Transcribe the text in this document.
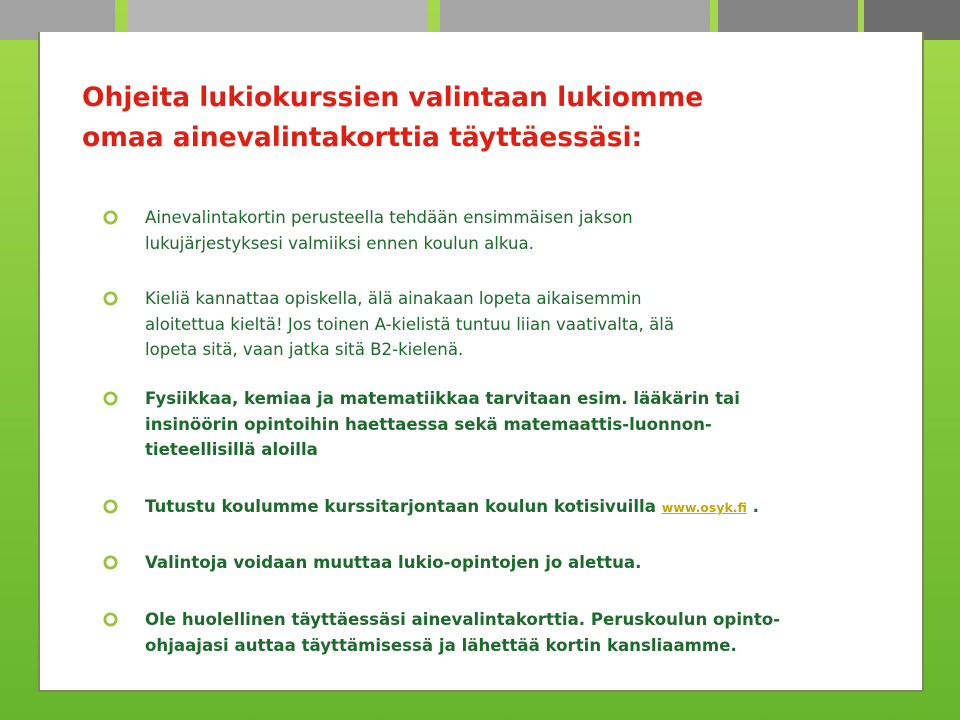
Ohjeita lukiokurssien valintaan lukiomme
omaa ainevalintakorttia täyttäessäsi:
Ainevalintakortin perusteella tehdään ensimmäisen jakson
lukujärjestyksesi valmiiksi ennen koulun alkua.
Kieliä kannattaa opiskella, älä ainakaan lopeta aikaisemmin
aloitettua kieltä! Jos toinen A-kielistä tuntuu liian vaativalta, älä
lopeta sitä, vaan jatka sitä B2-kielenä.
Fysiikkaa, kemiaa ja matematiikkaa tarvitaan esim. lääkärin tai
insinöörin opintoihin haettaessa sekä matemaattis-luonnon-
tieteellisillä aloilla
Tutustu koulumme kurssitarjontaan koulun kotisivuilla www.osyk.fi .
Valintoja voidaan muuttaa lukio-opintojen jo alettua.
Ole huolellinen täyttäessäsi ainevalintakorttia. Peruskoulun opinto-
ohjaajasi auttaa täyttämisessä ja lähettää kortin kansliaamme.
